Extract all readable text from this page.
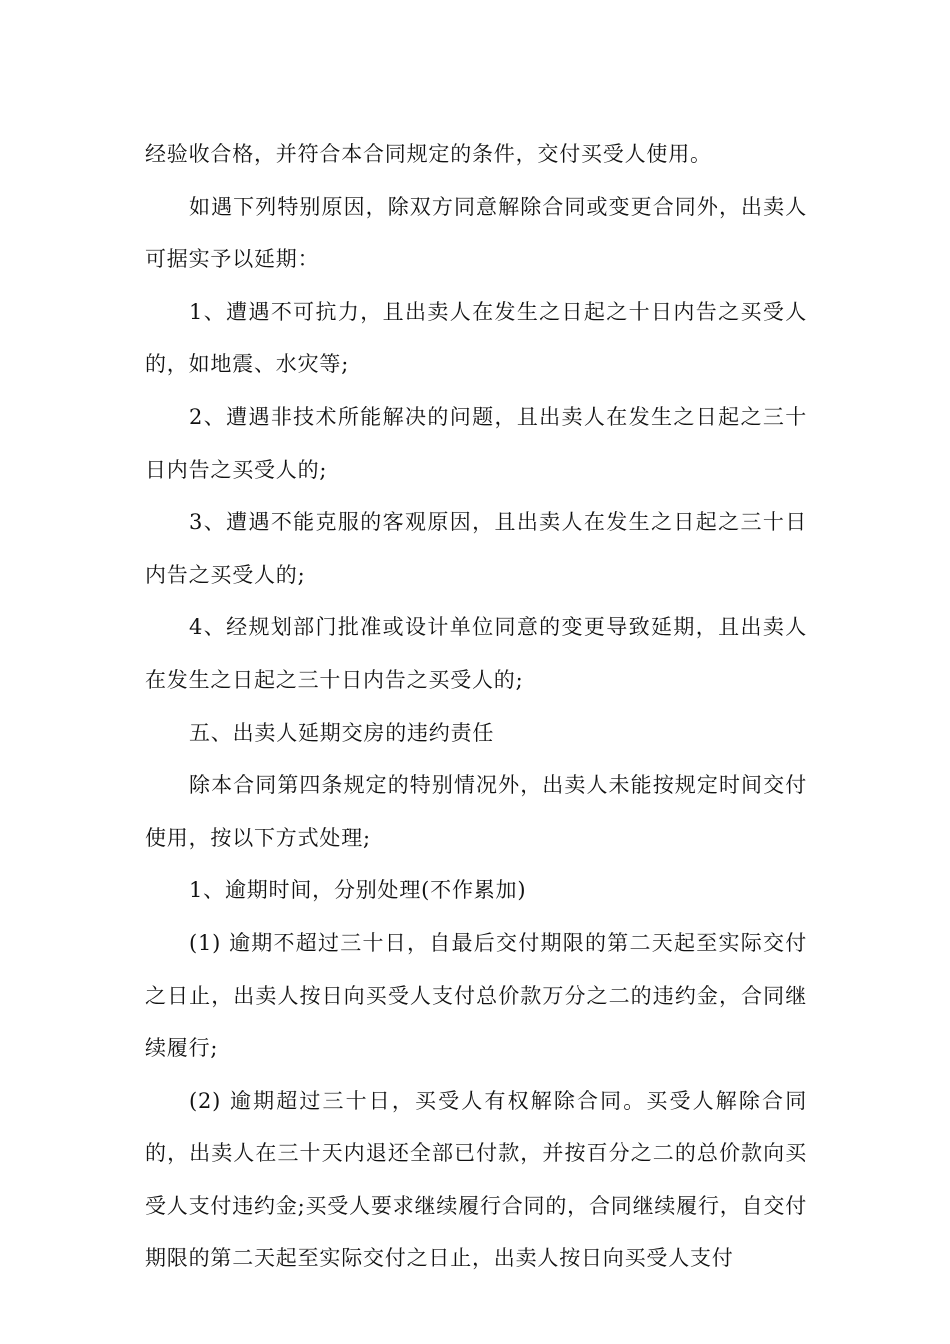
经验收合格，并符合本合同规定的条件，交付买受人使用。

如遇下列特别原因，除双方同意解除合同或变更合同外，出卖人可据实予以延期：

1、遭遇不可抗力，且出卖人在发生之日起之十日内告之买受人的，如地震、水灾等;

2、遭遇非技术所能解决的问题，且出卖人在发生之日起之三十日内告之买受人的;

3、遭遇不能克服的客观原因，且出卖人在发生之日起之三十日内告之买受人的;

4、经规划部门批准或设计单位同意的变更导致延期，且出卖人在发生之日起之三十日内告之买受人的;

五、出卖人延期交房的违约责任

除本合同第四条规定的特别情况外，出卖人未能按规定时间交付使用，按以下方式处理;

1、逾期时间，分别处理(不作累加)

(1) 逾期不超过三十日，自最后交付期限的第二天起至实际交付之日止，出卖人按日向买受人支付总价款万分之二的违约金，合同继续履行;

(2) 逾期超过三十日，买受人有权解除合同。买受人解除合同的，出卖人在三十天内退还全部已付款，并按百分之二的总价款向买受人支付违约金;买受人要求继续履行合同的，合同继续履行，自交付期限的第二天起至实际交付之日止，出卖人按日向买受人支付
